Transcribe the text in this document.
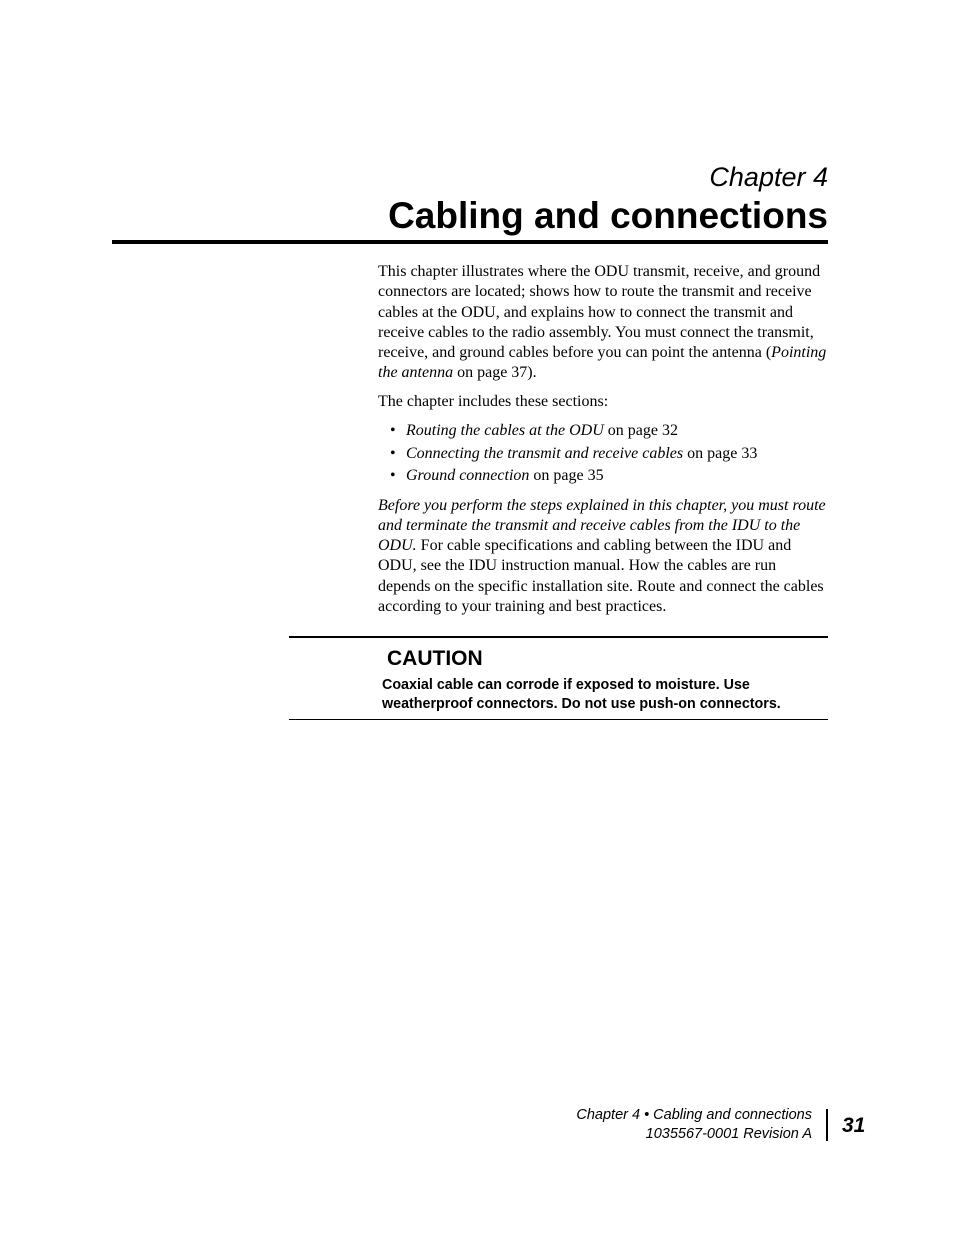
Chapter 4
Cabling and connections

This chapter illustrates where the ODU transmit, receive, and ground connectors are located; shows how to route the transmit and receive cables at the ODU, and explains how to connect the transmit and receive cables to the radio assembly. You must connect the transmit, receive, and ground cables before you can point the antenna (Pointing the antenna on page 37).

The chapter includes these sections:

• Routing the cables at the ODU on page 32
• Connecting the transmit and receive cables on page 33
• Ground connection on page 35

Before you perform the steps explained in this chapter, you must route and terminate the transmit and receive cables from the IDU to the ODU. For cable specifications and cabling between the IDU and ODU, see the IDU instruction manual. How the cables are run depends on the specific installation site. Route and connect the cables according to your training and best practices.

CAUTION
Coaxial cable can corrode if exposed to moisture. Use weatherproof connectors. Do not use push-on connectors.
Chapter 4 • Cabling and connections
1035567-0001 Revision A 31
